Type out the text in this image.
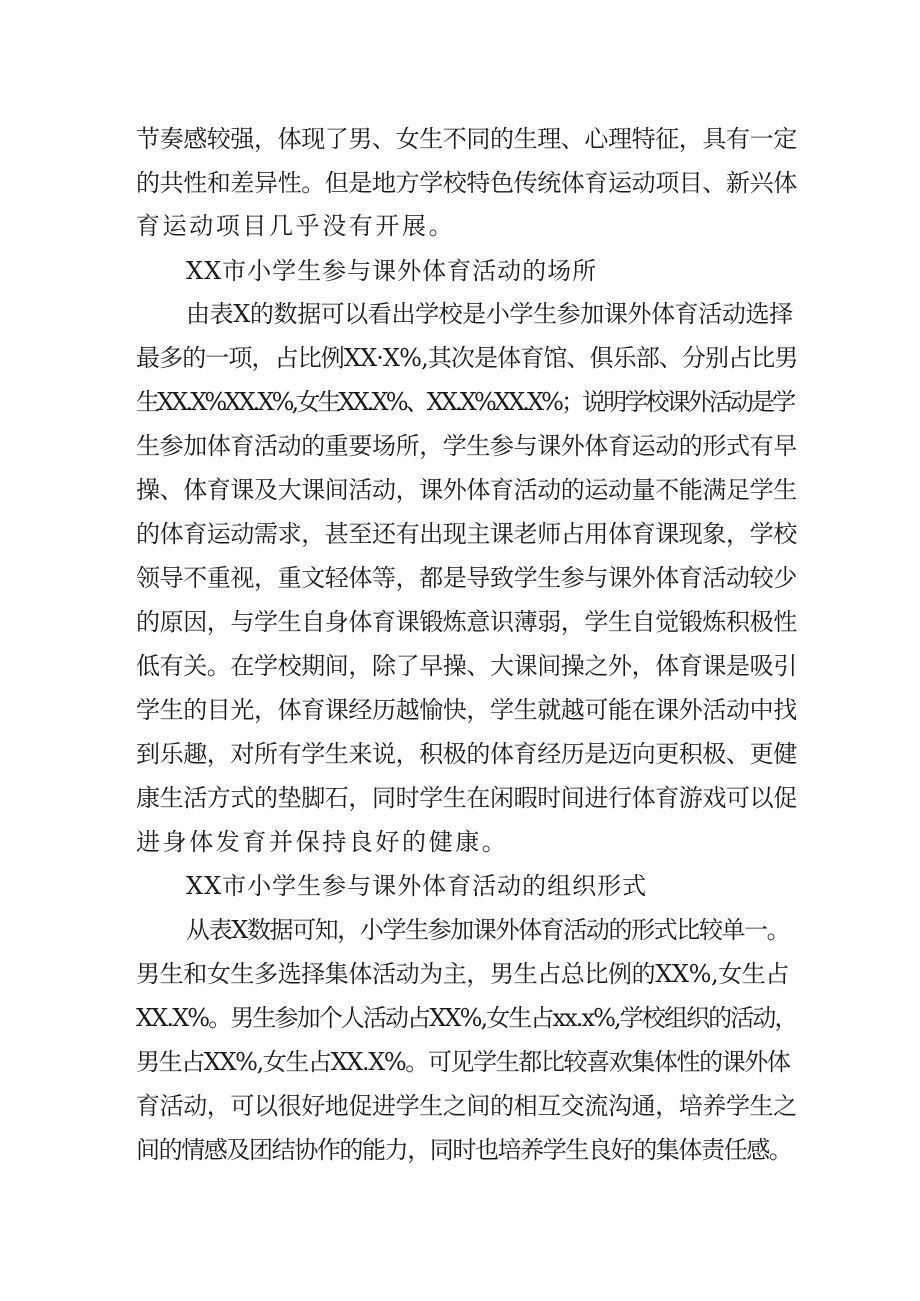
节奏感较强，体现了男、女生不同的生理、心理特征，具有一定
的共性和差异性。但是地方学校特色传统体育运动项目、新兴体
育运动项目几乎没有开展。
XX市小学生参与课外体育活动的场所
由表X的数据可以看出学校是小学生参加课外体育活动选择
最多的一项，占比例XX·X%,其次是体育馆、俱乐部、分别占比男
生XX.X%XX.X%,女生XX.X%、XX.X%XX.X%；说明学校课外活动是学
生参加体育活动的重要场所，学生参与课外体育运动的形式有早
操、体育课及大课间活动，课外体育活动的运动量不能满足学生
的体育运动需求，甚至还有出现主课老师占用体育课现象，学校
领导不重视，重文轻体等，都是导致学生参与课外体育活动较少
的原因，与学生自身体育课锻炼意识薄弱，学生自觉锻炼积极性
低有关。在学校期间，除了早操、大课间操之外，体育课是吸引
学生的目光，体育课经历越愉快，学生就越可能在课外活动中找
到乐趣，对所有学生来说，积极的体育经历是迈向更积极、更健
康生活方式的垫脚石，同时学生在闲暇时间进行体育游戏可以促
进身体发育并保持良好的健康。
XX市小学生参与课外体育活动的组织形式
从表X数据可知，小学生参加课外体育活动的形式比较单一。
男生和女生多选择集体活动为主，男生占总比例的XX%,女生占
XX.X%。男生参加个人活动占XX%,女生占xx.x%,学校组织的活动，
男生占XX%,女生占XX.X%。可见学生都比较喜欢集体性的课外体
育活动，可以很好地促进学生之间的相互交流沟通，培养学生之
间的情感及团结协作的能力，同时也培养学生良好的集体责任感。
